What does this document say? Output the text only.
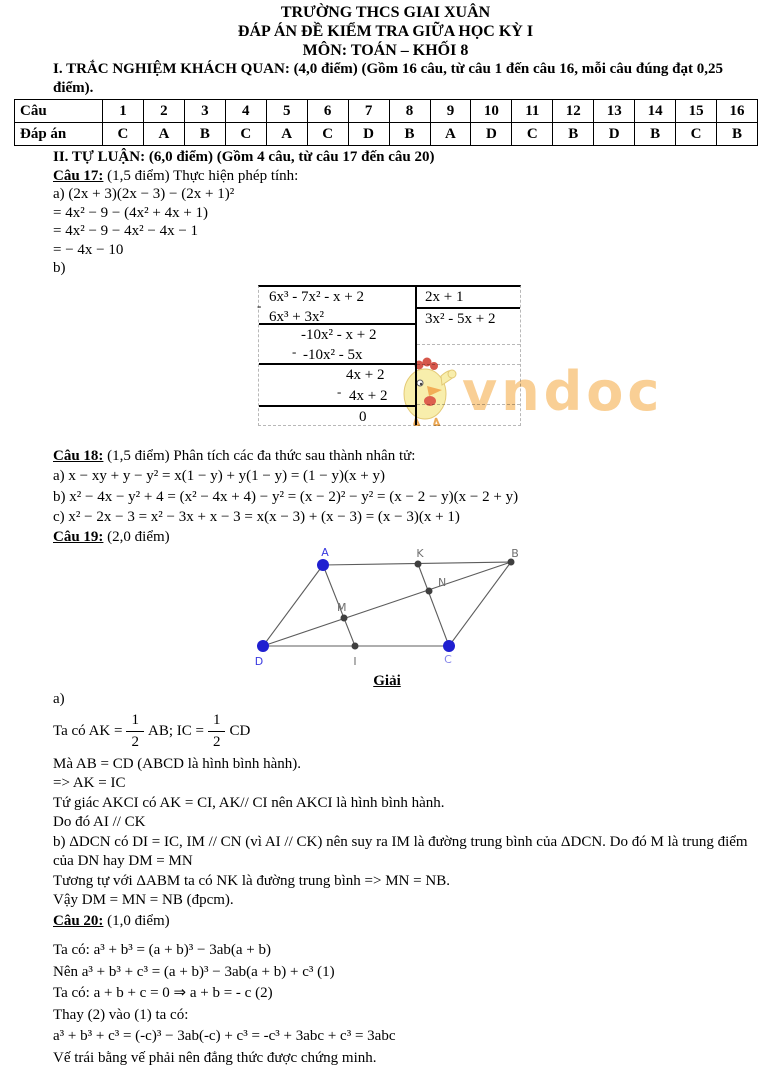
TRƯỜNG THCS GIAI XUÂN
ĐÁP ÁN ĐỀ KIỂM TRA GIỮA HỌC KỲ I
MÔN: TOÁN – KHỐI 8

I. TRẮC NGHIỆM KHÁCH QUAN: (4,0 điểm) (Gồm 16 câu, từ câu 1 đến câu 16, mỗi câu đúng đạt 0,25 điểm).

Câu	1	2	3	4	5	6	7	8	9	10	11	12	13	14	15	16
Đáp án	C	A	B	C	A	C	D	B	A	D	C	B	D	B	C	B

II. TỰ LUẬN: (6,0 điểm) (Gồm 4 câu, từ câu 17 đến câu 20)

Câu 17: (1,5 điểm) Thực hiện phép tính:

a) (2x + 3)(2x − 3) − (2x + 1)²

= 4x² − 9 − (4x² + 4x + 1)

= 4x² − 9 − 4x² − 4x − 1

= − 4x − 10

b)

-
-
-
6x³ - 7x² - x + 2
6x³ + 3x²
-10x² - x + 2
-10x² - 5x
4x + 2
4x + 2
0
2x + 1
3x² - 5x + 2

Câu 18: (1,5 điểm) Phân tích các đa thức sau thành nhân tử:

a) x − xy + y − y² = x(1 − y) + y(1 − y) = (1 − y)(x + y)

b) x² − 4x − y² + 4 = (x² − 4x + 4) − y² = (x − 2)² − y² = (x − 2 − y)(x − 2 + y)

c) x² − 2x − 3 = x² − 3x + x − 3 = x(x − 3) + (x − 3) = (x − 3)(x + 1)

Câu 19: (2,0 điểm)

A	K	B
N
M
D	I	C

Giải

a)

Ta có AK = $\frac{1}{2}$ AB; IC = $\frac{1}{2}$ CD

Mà AB = CD (ABCD là hình bình hành).

=> AK = IC

Tứ giác AKCI có AK = CI, AK// CI nên AKCI là hình bình hành.

Do đó AI // CK

b) ΔDCN có DI = IC, IM // CN (vì AI // CK) nên suy ra IM là đường trung bình của ΔDCN. Do đó M là trung điểm của DN hay DM = MN

Tương tự với ΔABM ta có NK là đường trung bình => MN = NB.

Vậy DM = MN = NB (đpcm).

Câu 20: (1,0 điểm)

Ta có: a³ + b³ = (a + b)³ − 3ab(a + b)

Nên a³ + b³ + c³ = (a + b)³ − 3ab(a + b) + c³ (1)

Ta có: a + b + c = 0 ⇒ a + b = - c (2)

Thay (2) vào (1) ta có:

a³ + b³ + c³ = (-c)³ − 3ab(-c) + c³ = -c³ + 3abc + c³ = 3abc

Vế trái bằng vế phải nên đẳng thức được chứng minh.

vndoc
